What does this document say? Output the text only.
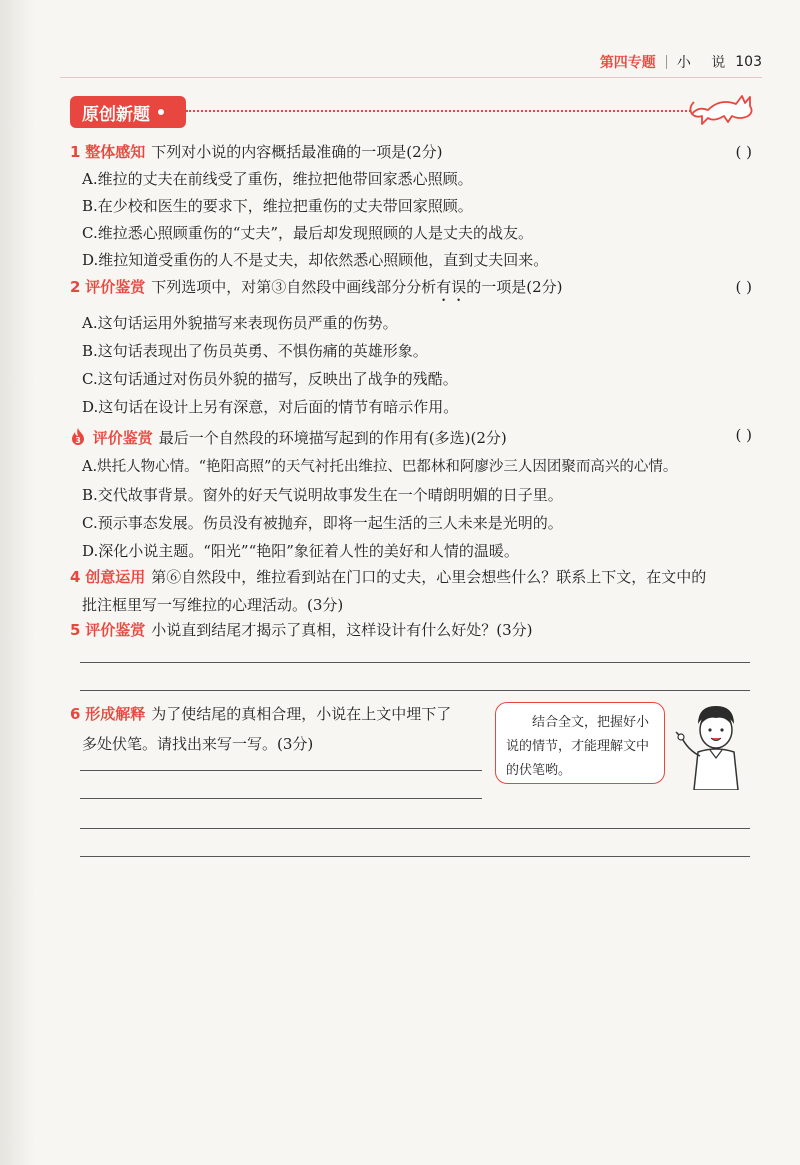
第四专题 小 说 103
原创新题
1 整体感知 下列对小说的内容概括最准确的一项是(2分)	( )
A.维拉的丈夫在前线受了重伤，维拉把他带回家悉心照顾。
B.在少校和医生的要求下，维拉把重伤的丈夫带回家照顾。
C.维拉悉心照顾重伤的“丈夫”，最后却发现照顾的人是丈夫的战友。
D.维拉知道受重伤的人不是丈夫，却依然悉心照顾他，直到丈夫回来。
2 评价鉴赏 下列选项中，对第③自然段中画线部分分析有误的一项是(2分)	( )
A.这句话运用外貌描写来表现伤员严重的伤势。
B.这句话表现出了伤员英勇、不惧伤痛的英雄形象。
C.这句话通过对伤员外貌的描写，反映出了战争的残酷。
D.这句话在设计上另有深意，对后面的情节有暗示作用。
3 评价鉴赏 最后一个自然段的环境描写起到的作用有(多选)(2分)	( )
A.烘托人物心情。“艳阳高照”的天气衬托出维拉、巴都林和阿廖沙三人因团聚而高兴的心情。
B.交代故事背景。窗外的好天气说明故事发生在一个晴朗明媚的日子里。
C.预示事态发展。伤员没有被抛弃，即将一起生活的三人未来是光明的。
D.深化小说主题。“阳光”“艳阳”象征着人性的美好和人情的温暖。
4 创意运用 第⑥自然段中，维拉看到站在门口的丈夫，心里会想些什么？联系上下文，在文中的
批注框里写一写维拉的心理活动。(3分)
5 评价鉴赏 小说直到结尾才揭示了真相，这样设计有什么好处？(3分)
6 形成解释 为了使结尾的真相合理，小说在上文中埋下了
多处伏笔。请找出来写一写。(3分)
结合全文，把握好小说的情节，才能理解文中的伏笔哟。
